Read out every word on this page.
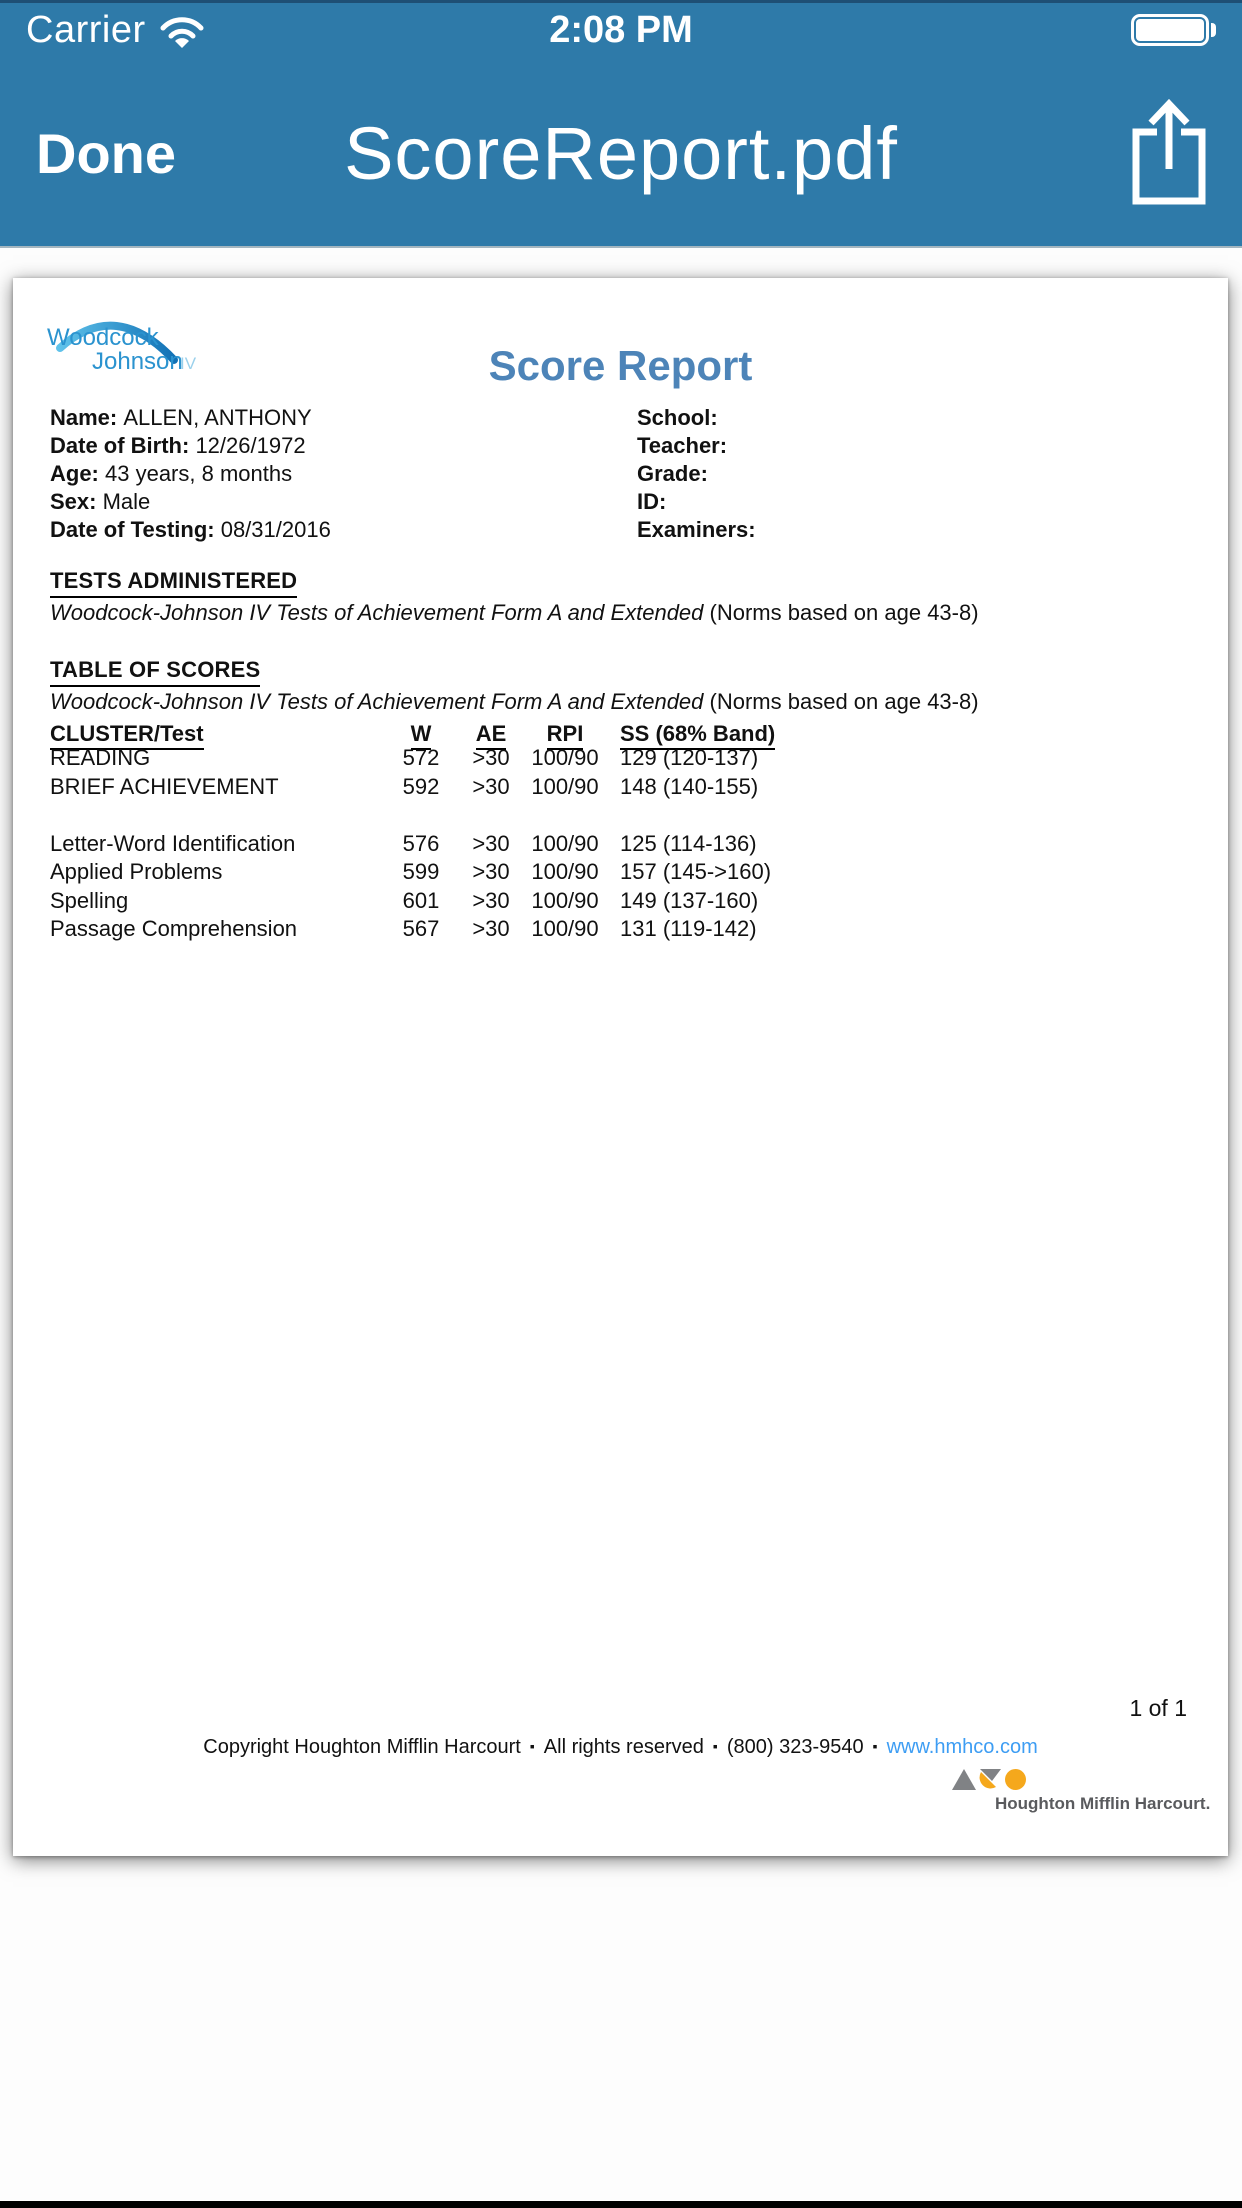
Carrier	2:08 PM
Done	ScoreReport.pdf
Woodcock
Johnson
IV	Score Report
Name: ALLEN, ANTHONY
Date of Birth: 12/26/1972
Age: 43 years, 8 months
Sex: Male
Date of Testing: 08/31/2016
School:
Teacher:
Grade:
ID:
Examiners:
TESTS ADMINISTERED
Woodcock-Johnson IV Tests of Achievement Form A and Extended (Norms based on age 43-8)
TABLE OF SCORES
Woodcock-Johnson IV Tests of Achievement Form A and Extended (Norms based on age 43-8)
CLUSTER/Test	W	AE	RPI	SS (68% Band)
READING	572	>30 100/90 129 (120-137)
BRIEF ACHIEVEMENT	592	>30 100/90 148 (140-155)
Letter-Word Identification	576	>30 100/90 125 (114-136)
Applied Problems	599	>30 100/90 157 (145->160)
Spelling	601	>30 100/90 149 (137-160)
Passage Comprehension	567	>30 100/90 131 (119-142)
1 of 1
Copyright Houghton Mifflin Harcourt ▪ All rights reserved ▪ (800) 323-9540 ▪ www.hmhco.com
Houghton Mifflin Harcourt.
